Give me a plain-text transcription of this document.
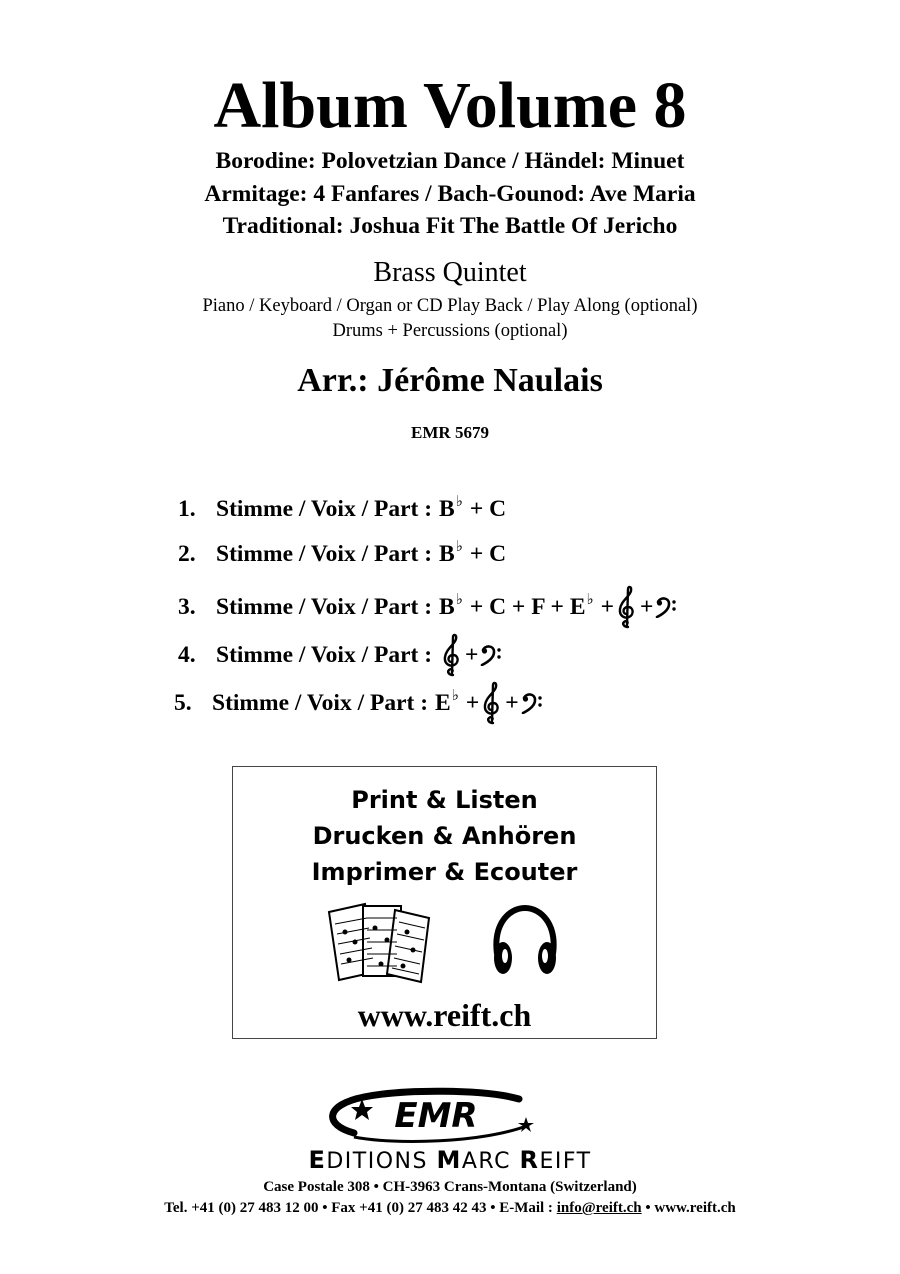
Album Volume 8
Borodine: Polovetzian Dance / Händel: Minuet
Armitage: 4 Fanfares / Bach-Gounod: Ave Maria
Traditional: Joshua Fit The Battle Of Jericho
Brass Quintet
Piano / Keyboard / Organ or CD Play Back / Play Along (optional)
Drums + Percussions (optional)
Arr.: Jérôme Naulais
EMR 5679
1. Stimme / Voix / Part : B♭ + C
2. Stimme / Voix / Part : B♭ + C
3. Stimme / Voix / Part : B♭ + C + F + E♭ + +
4. Stimme / Voix / Part : +
5. Stimme / Voix / Part : E♭ + +
Print & Listen
Drucken & Anhören
Imprimer & Ecouter
www.reift.ch
EMR
EDITIONS MARC REIFT
Case Postale 308 • CH-3963 Crans-Montana (Switzerland)
Tel. +41 (0) 27 483 12 00 • Fax +41 (0) 27 483 42 43 • E-Mail : info@reift.ch • www.reift.ch
